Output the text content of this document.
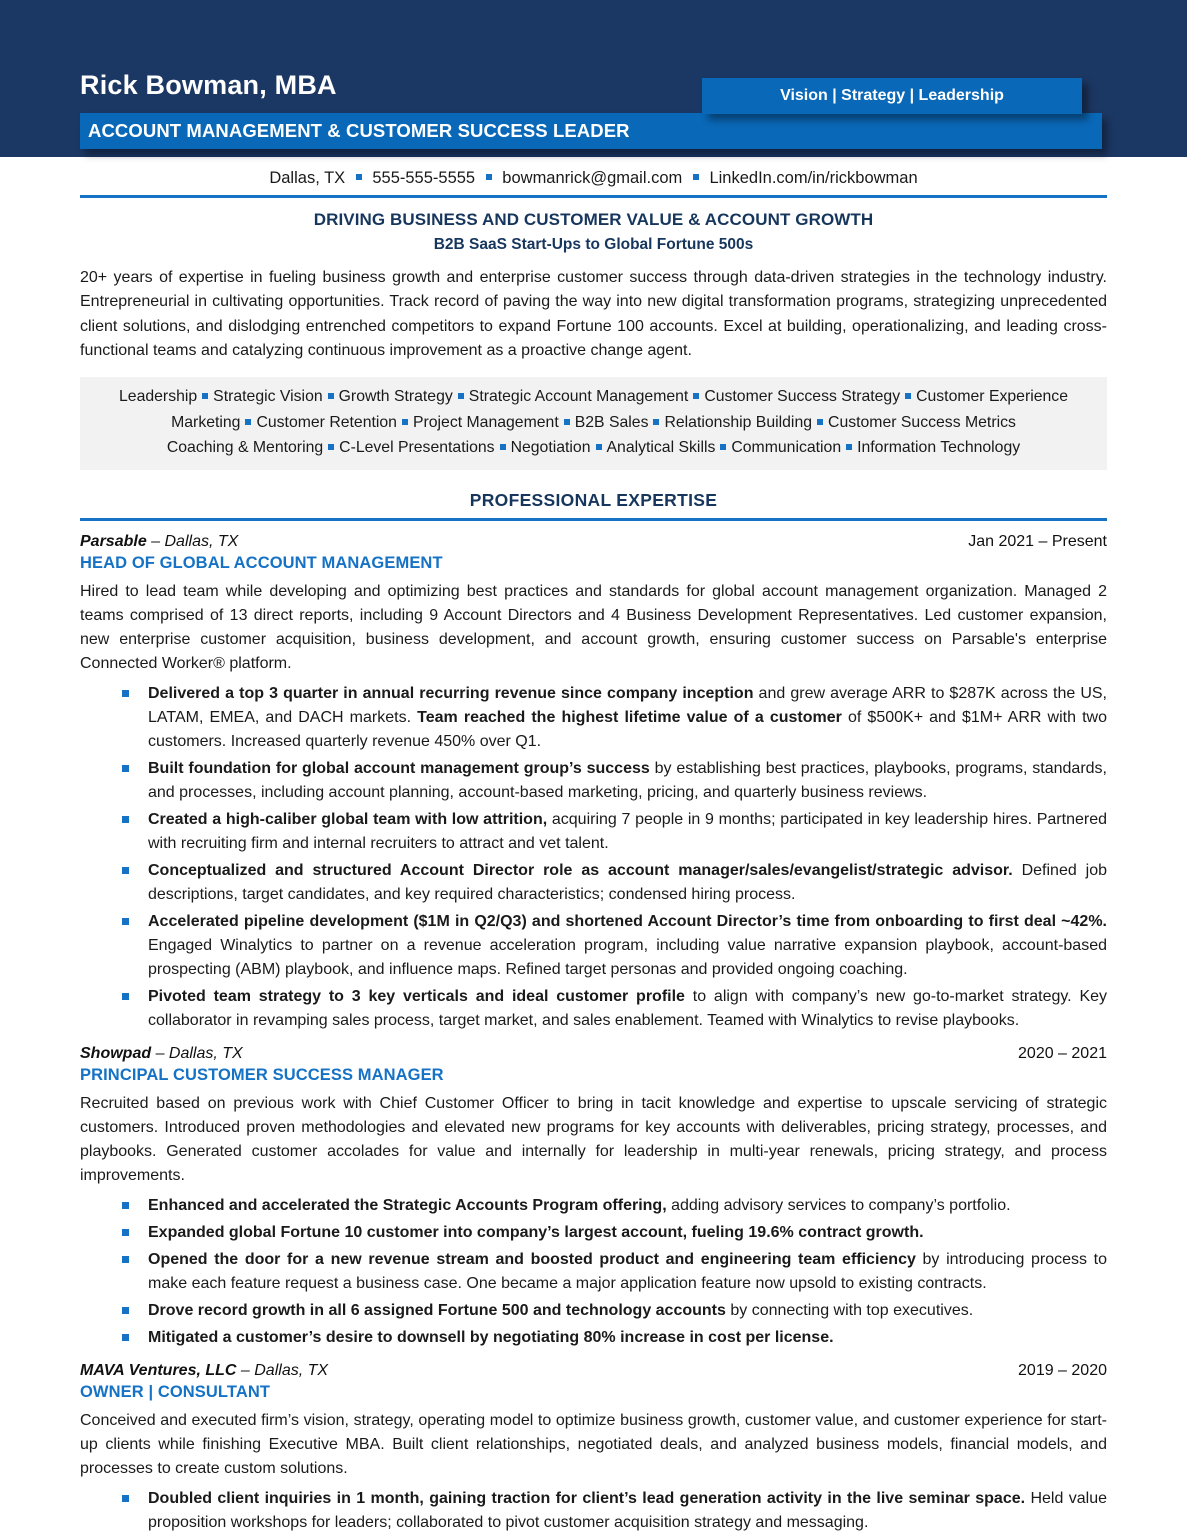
Rick Bowman, MBA	Vision | Strategy | Leadership
ACCOUNT MANAGEMENT & CUSTOMER SUCCESS LEADER
Dallas, TX 555-555-5555 bowmanrick@gmail.com LinkedIn.com/in/rickbowman
DRIVING BUSINESS AND CUSTOMER VALUE & ACCOUNT GROWTH
B2B SaaS Start-Ups to Global Fortune 500s
20+ years of expertise in fueling business growth and enterprise customer success through data-driven strategies in the technology industry. Entrepreneurial in cultivating opportunities. Track record of paving the way into new digital transformation programs, strategizing unprecedented client solutions, and dislodging entrenched competitors to expand Fortune 100 accounts. Excel at building, operationalizing, and leading cross-functional teams and catalyzing continuous improvement as a proactive change agent.
Leadership Strategic Vision Growth Strategy Strategic Account Management Customer Success Strategy Customer Experience
Marketing Customer Retention Project Management B2B Sales Relationship Building Customer Success Metrics
Coaching & Mentoring C-Level Presentations Negotiation Analytical Skills Communication Information Technology
PROFESSIONAL EXPERTISE
Parsable – Dallas, TX	Jan 2021 – Present
HEAD OF GLOBAL ACCOUNT MANAGEMENT
Hired to lead team while developing and optimizing best practices and standards for global account management organization. Managed 2 teams comprised of 13 direct reports, including 9 Account Directors and 4 Business Development Representatives. Led customer expansion, new enterprise customer acquisition, business development, and account growth, ensuring customer success on Parsable's enterprise Connected Worker® platform.
Delivered a top 3 quarter in annual recurring revenue since company inception and grew average ARR to $287K across the US, LATAM, EMEA, and DACH markets. Team reached the highest lifetime value of a customer of $500K+ and $1M+ ARR with two customers. Increased quarterly revenue 450% over Q1.
Built foundation for global account management group’s success by establishing best practices, playbooks, programs, standards, and processes, including account planning, account-based marketing, pricing, and quarterly business reviews.
Created a high-caliber global team with low attrition, acquiring 7 people in 9 months; participated in key leadership hires. Partnered with recruiting firm and internal recruiters to attract and vet talent.
Conceptualized and structured Account Director role as account manager/sales/evangelist/strategic advisor. Defined job descriptions, target candidates, and key required characteristics; condensed hiring process.
Accelerated pipeline development ($1M in Q2/Q3) and shortened Account Director’s time from onboarding to first deal ~42%. Engaged Winalytics to partner on a revenue acceleration program, including value narrative expansion playbook, account-based prospecting (ABM) playbook, and influence maps. Refined target personas and provided ongoing coaching.
Pivoted team strategy to 3 key verticals and ideal customer profile to align with company’s new go-to-market strategy. Key collaborator in revamping sales process, target market, and sales enablement. Teamed with Winalytics to revise playbooks.
Showpad – Dallas, TX	2020 – 2021
PRINCIPAL CUSTOMER SUCCESS MANAGER
Recruited based on previous work with Chief Customer Officer to bring in tacit knowledge and expertise to upscale servicing of strategic customers. Introduced proven methodologies and elevated new programs for key accounts with deliverables, pricing strategy, processes, and playbooks. Generated customer accolades for value and internally for leadership in multi-year renewals, pricing strategy, and process improvements.
Enhanced and accelerated the Strategic Accounts Program offering, adding advisory services to company’s portfolio.
Expanded global Fortune 10 customer into company’s largest account, fueling 19.6% contract growth.
Opened the door for a new revenue stream and boosted product and engineering team efficiency by introducing process to make each feature request a business case. One became a major application feature now upsold to existing contracts.
Drove record growth in all 6 assigned Fortune 500 and technology accounts by connecting with top executives.
Mitigated a customer’s desire to downsell by negotiating 80% increase in cost per license.
MAVA Ventures, LLC – Dallas, TX	2019 – 2020
OWNER | CONSULTANT
Conceived and executed firm’s vision, strategy, operating model to optimize business growth, customer value, and customer experience for start-up clients while finishing Executive MBA. Built client relationships, negotiated deals, and analyzed business models, financial models, and processes to create custom solutions.
Doubled client inquiries in 1 month, gaining traction for client’s lead generation activity in the live seminar space. Held value proposition workshops for leaders; collaborated to pivot customer acquisition strategy and messaging.
